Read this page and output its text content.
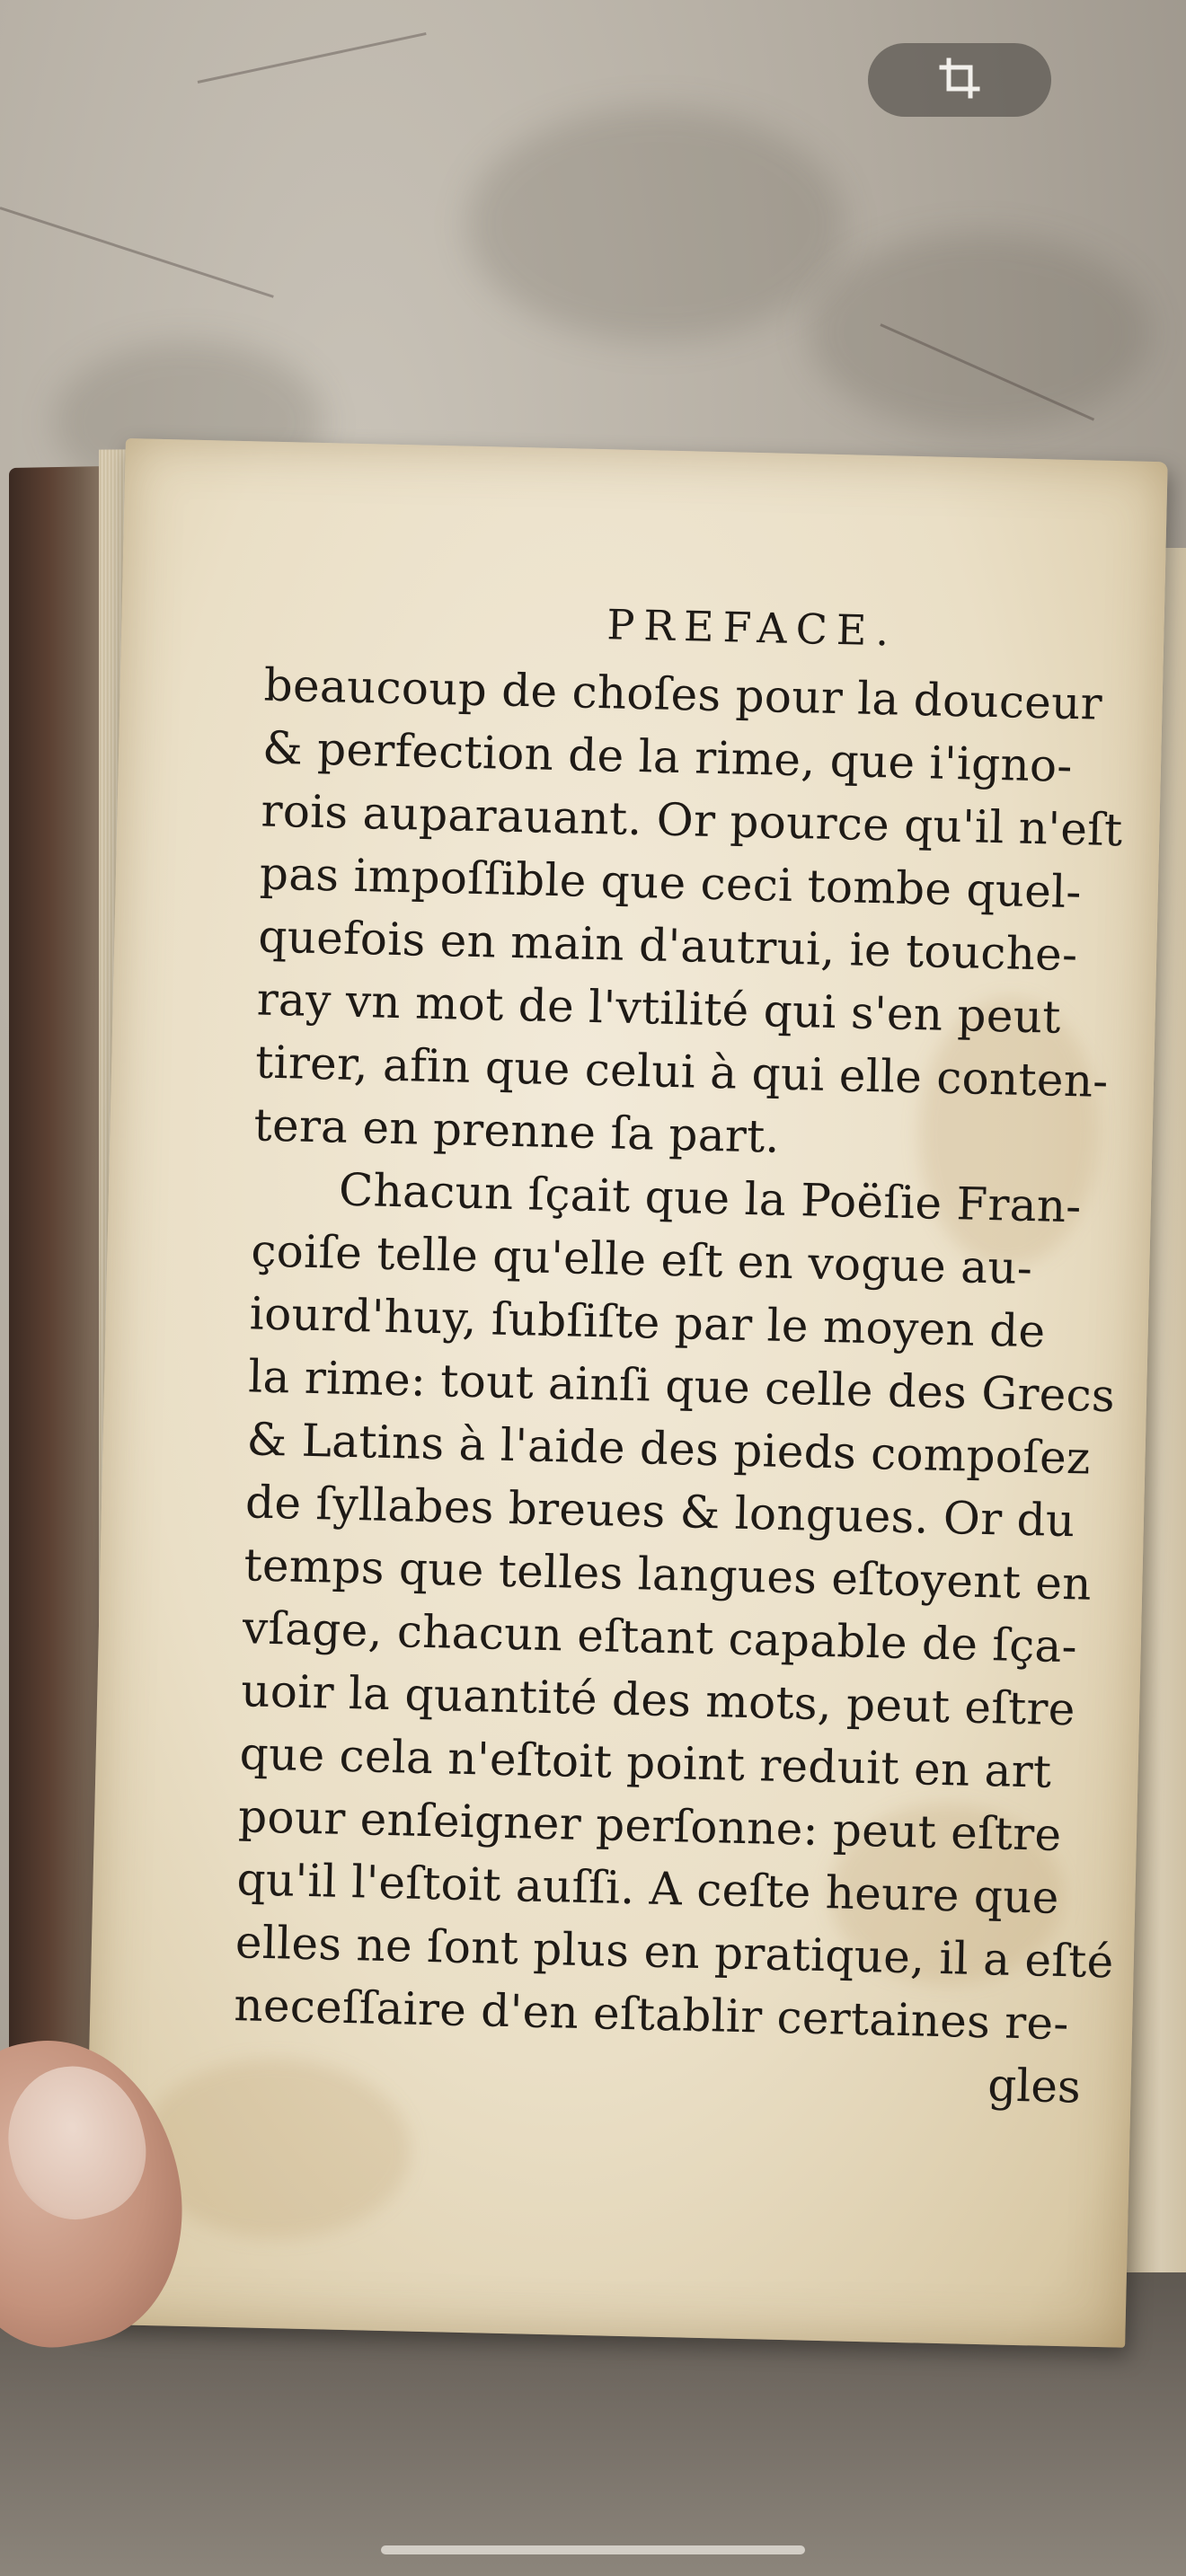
PREFACE.
beaucoup de choſes pour la douceur
& perfection de la rime, que i'igno-
rois auparauant. Or pource qu'il n'eſt
pas impoſſible que ceci tombe quel-
quefois en main d'autrui, ie touche-
ray vn mot de l'vtilité qui s'en peut
tirer, afin que celui à qui elle conten-
tera en prenne ſa part.
Chacun ſçait que la Poëſie Fran-
çoiſe telle qu'elle eſt en vogue au-
iourd'huy, ſubſiſte par le moyen de
la rime: tout ainſi que celle des Grecs
& Latins à l'aide des pieds compoſez
de ſyllabes breues & longues. Or du
temps que telles langues eſtoyent en
vſage, chacun eſtant capable de ſça-
uoir la quantité des mots, peut eſtre
que cela n'eſtoit point reduit en art
pour enſeigner perſonne: peut eſtre
qu'il l'eſtoit auſſi. A ceſte heure que
elles ne ſont plus en pratique, il a eſté
neceſſaire d'en eſtablir certaines re-
gles
